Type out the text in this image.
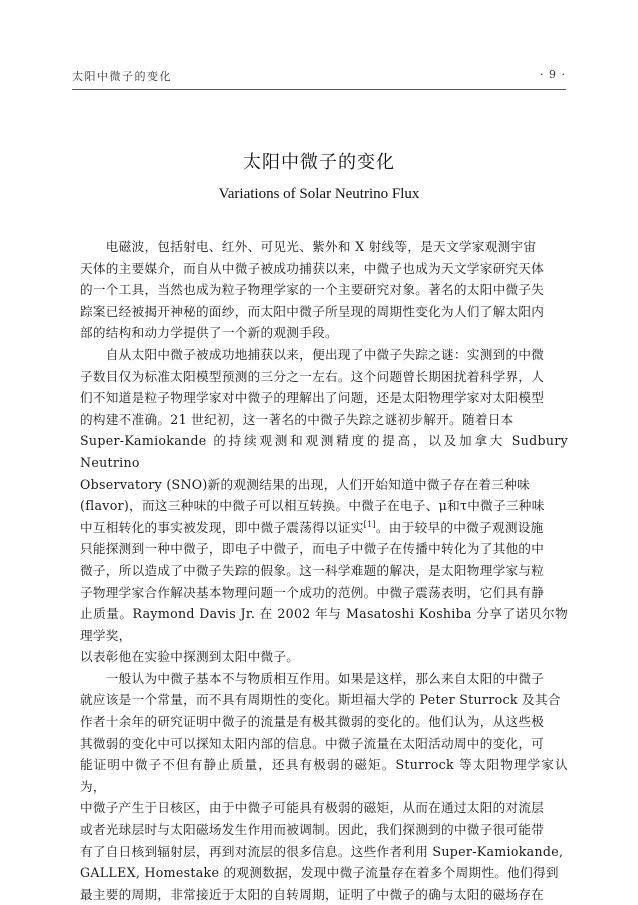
太阳中微子的变化	· 9 ·
太阳中微子的变化
Variations of Solar Neutrino Flux

　　电磁波，包括射电、红外、可见光、紫外和 X 射线等，是天文学家观测宇宙
天体的主要媒介，而自从中微子被成功捕获以来，中微子也成为天文学家研究天体
的一个工具，当然也成为粒子物理学家的一个主要研究对象。著名的太阳中微子失
踪案已经被揭开神秘的面纱，而太阳中微子所呈现的周期性变化为人们了解太阳内
部的结构和动力学提供了一个新的观测手段。

　　自从太阳中微子被成功地捕获以来，便出现了中微子失踪之谜：实测到的中微
子数目仅为标准太阳模型预测的三分之一左右。这个问题曾长期困扰着科学界，人
们不知道是粒子物理学家对中微子的理解出了问题，还是太阳物理学家对太阳模型
的构建不准确。21 世纪初，这一著名的中微子失踪之谜初步解开。随着日本
Super-Kamiokande 的持续观测和观测精度的提高，以及加拿大 Sudbury Neutrino
Observatory (SNO)新的观测结果的出现，人们开始知道中微子存在着三种味
(flavor)，而这三种味的中微子可以相互转换。中微子在电子、μ和τ中微子三种味
中互相转化的事实被发现，即中微子震荡得以证实[1]。由于较早的中微子观测设施
只能探测到一种中微子，即电子中微子，而电子中微子在传播中转化为了其他的中
微子，所以造成了中微子失踪的假象。这一科学难题的解决，是太阳物理学家与粒
子物理学家合作解决基本物理问题一个成功的范例。中微子震荡表明，它们具有静
止质量。Raymond Davis Jr. 在 2002 年与 Masatoshi Koshiba 分享了诺贝尔物理学奖，
以表彰他在实验中探测到太阳中微子。

　　一般认为中微子基本不与物质相互作用。如果是这样，那么来自太阳的中微子
就应该是一个常量，而不具有周期性的变化。斯坦福大学的 Peter Sturrock 及其合
作者十余年的研究证明中微子的流量是有极其微弱的变化的。他们认为，从这些极
其微弱的变化中可以探知太阳内部的信息。中微子流量在太阳活动周中的变化，可
能证明中微子不但有静止质量，还具有极弱的磁矩。Sturrock 等太阳物理学家认为，
中微子产生于日核区，由于中微子可能具有极弱的磁矩，从而在通过太阳的对流层
或者光球层时与太阳磁场发生作用而被调制。因此，我们探测到的中微子很可能带
有了自日核到辐射层，再到对流层的很多信息。这些作者利用 Super-Kamiokande,
GALLEX, Homestake 的观测数据，发现中微子流量存在着多个周期性。他们得到
最主要的周期，非常接近于太阳的自转周期，证明了中微子的确与太阳的磁场存在
